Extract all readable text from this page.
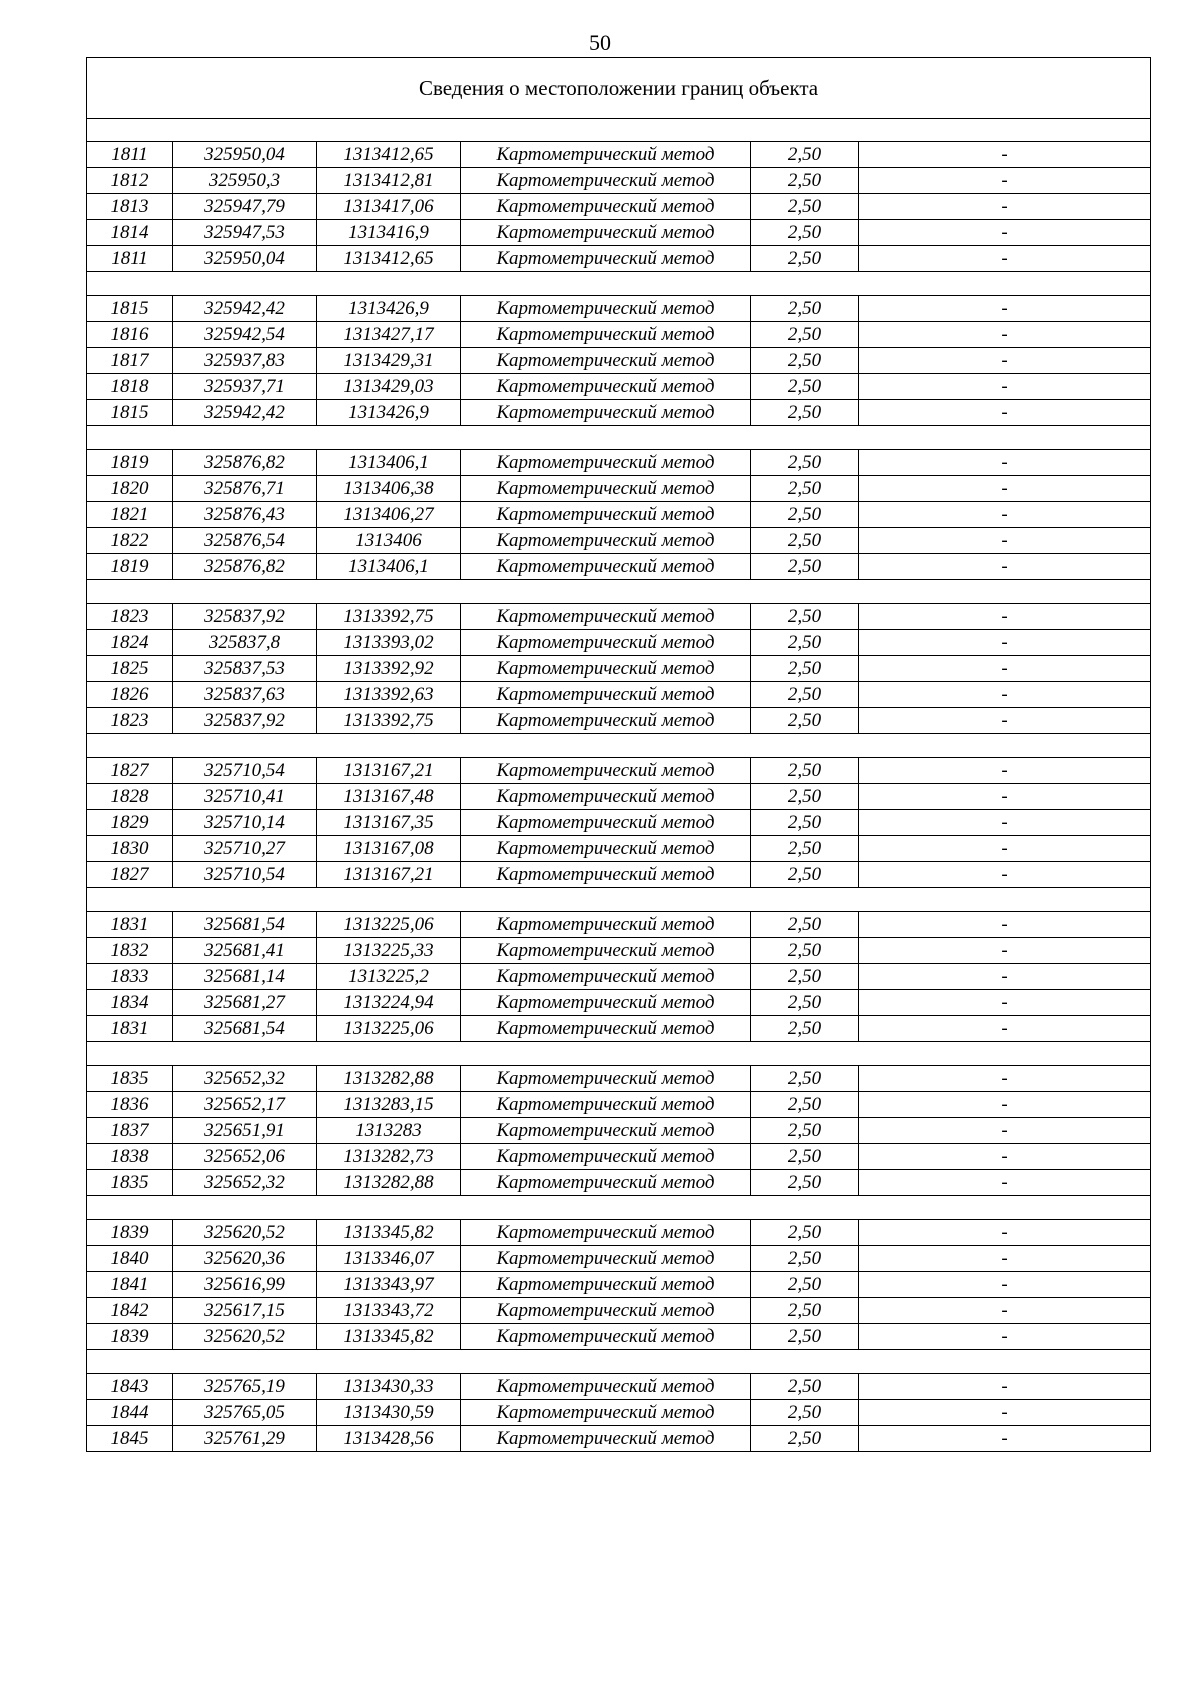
50
Сведения о местоположении границ объекта					

1811	325950,04	1313412,65	Картометрический метод	2,50	-
1812	325950,3	1313412,81	Картометрический метод	2,50	-
1813	325947,79	1313417,06	Картометрический метод	2,50	-
1814	325947,53	1313416,9	Картометрический метод	2,50	-
1811	325950,04	1313412,65	Картометрический метод	2,50	-

1815	325942,42	1313426,9	Картометрический метод	2,50	-
1816	325942,54	1313427,17	Картометрический метод	2,50	-
1817	325937,83	1313429,31	Картометрический метод	2,50	-
1818	325937,71	1313429,03	Картометрический метод	2,50	-
1815	325942,42	1313426,9	Картометрический метод	2,50	-

1819	325876,82	1313406,1	Картометрический метод	2,50	-
1820	325876,71	1313406,38	Картометрический метод	2,50	-
1821	325876,43	1313406,27	Картометрический метод	2,50	-
1822	325876,54	1313406	Картометрический метод	2,50	-
1819	325876,82	1313406,1	Картометрический метод	2,50	-

1823	325837,92	1313392,75	Картометрический метод	2,50	-
1824	325837,8	1313393,02	Картометрический метод	2,50	-
1825	325837,53	1313392,92	Картометрический метод	2,50	-
1826	325837,63	1313392,63	Картометрический метод	2,50	-
1823	325837,92	1313392,75	Картометрический метод	2,50	-

1827	325710,54	1313167,21	Картометрический метод	2,50	-
1828	325710,41	1313167,48	Картометрический метод	2,50	-
1829	325710,14	1313167,35	Картометрический метод	2,50	-
1830	325710,27	1313167,08	Картометрический метод	2,50	-
1827	325710,54	1313167,21	Картометрический метод	2,50	-

1831	325681,54	1313225,06	Картометрический метод	2,50	-
1832	325681,41	1313225,33	Картометрический метод	2,50	-
1833	325681,14	1313225,2	Картометрический метод	2,50	-
1834	325681,27	1313224,94	Картометрический метод	2,50	-
1831	325681,54	1313225,06	Картометрический метод	2,50	-

1835	325652,32	1313282,88	Картометрический метод	2,50	-
1836	325652,17	1313283,15	Картометрический метод	2,50	-
1837	325651,91	1313283	Картометрический метод	2,50	-
1838	325652,06	1313282,73	Картометрический метод	2,50	-
1835	325652,32	1313282,88	Картометрический метод	2,50	-

1839	325620,52	1313345,82	Картометрический метод	2,50	-
1840	325620,36	1313346,07	Картометрический метод	2,50	-
1841	325616,99	1313343,97	Картометрический метод	2,50	-
1842	325617,15	1313343,72	Картометрический метод	2,50	-
1839	325620,52	1313345,82	Картометрический метод	2,50	-

1843	325765,19	1313430,33	Картометрический метод	2,50	-
1844	325765,05	1313430,59	Картометрический метод	2,50	-
1845	325761,29	1313428,56	Картометрический метод	2,50	-
